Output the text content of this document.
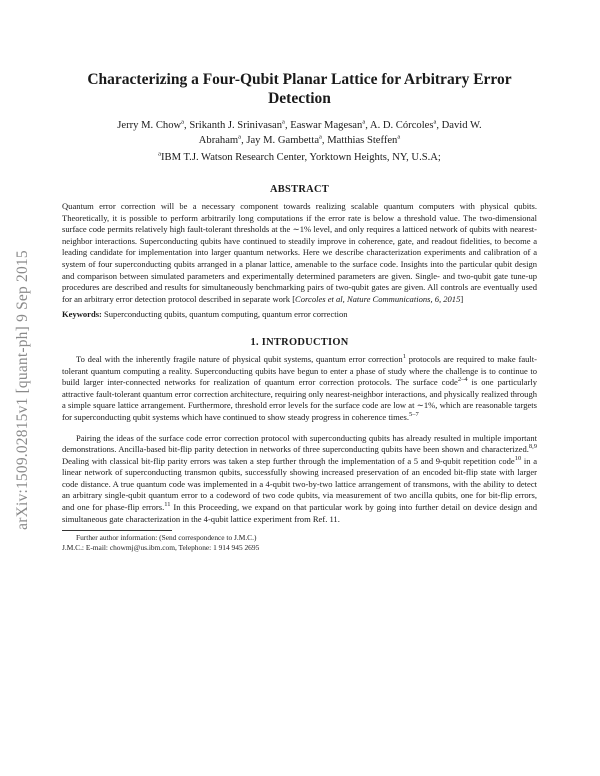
arXiv:1509.02815v1 [quant-ph] 9 Sep 2015
Characterizing a Four-Qubit Planar Lattice for Arbitrary Error Detection
Jerry M. Chow$^a$, Srikanth J. Srinivasan$^a$, Easwar Magesan$^a$, A. D. Córcoles$^a$, David W.
Abraham$^a$, Jay M. Gambetta$^a$, Matthias Steffen$^a$
$^a$IBM T.J. Watson Research Center, Yorktown Heights, NY, U.S.A;
ABSTRACT

Quantum error correction will be a necessary component towards realizing scalable quantum computers with physical qubits. Theoretically, it is possible to perform arbitrarily long computations if the error rate is below a threshold value. The two-dimensional surface code permits relatively high fault-tolerant thresholds at the ∼1% level, and only requires a latticed network of qubits with nearest-neighbor interactions. Superconducting qubits have continued to steadily improve in coherence, gate, and readout fidelities, to become a leading candidate for implementation into larger quantum networks. Here we describe characterization experiments and calibration of a system of four superconducting qubits arranged in a planar lattice, amenable to the surface code. Insights into the particular qubit design and comparison between simulated parameters and experimentally determined parameters are given. Single- and two-qubit gate tune-up procedures are described and results for simultaneously benchmarking pairs of two-qubit gates are given. All controls are eventually used for an arbitrary error detection protocol described in separate work [Corcoles et al, Nature Communications, 6, 2015]

Keywords: Superconducting qubits, quantum computing, quantum error correction

1. INTRODUCTION

To deal with the inherently fragile nature of physical qubit systems, quantum error correction$^1$ protocols are required to make fault-tolerant quantum computing a reality. Superconducting qubits have begun to enter a phase of study where the challenge is to continue to build larger inter-connected networks for realization of quantum error correction protocols. The surface code$^{2-4}$ is one particularly attractive fault-tolerant quantum error correction architecture, requiring only nearest-neighbor interactions, and physically realized through a simple square lattice arrangement. Furthermore, threshold error levels for the surface code are low at ∼1%, which are reasonable targets for superconducting qubit systems which have continued to show steady progress in coherence times.$^{5-7}$

Pairing the ideas of the surface code error correction protocol with superconducting qubits has already resulted in multiple important demonstrations. Ancilla-based bit-flip parity detection in networks of three superconducting qubits have been shown and characterized.$^{8,9}$ Dealing with classical bit-flip parity errors was taken a step further through the implementation of a 5 and 9-qubit repetition code$^{10}$ in a linear network of superconducting transmon qubits, successfully showing increased preservation of an encoded bit-flip state with larger code distance. A true quantum code was implemented in a 4-qubit two-by-two lattice arrangement of transmons, with the ability to detect an arbitrary single-qubit quantum error to a codeword of two code qubits, via measurement of two ancilla qubits, one for bit-flip errors, and one for phase-flip errors.$^{11}$ In this Proceeding, we expand on that particular work by going into further detail on device design and simultaneous gate characterization in the 4-qubit lattice experiment from Ref. 11.

Further author information: (Send correspondence to J.M.C.)

J.M.C.: E-mail: chowmj@us.ibm.com, Telephone: 1 914 945 2695
